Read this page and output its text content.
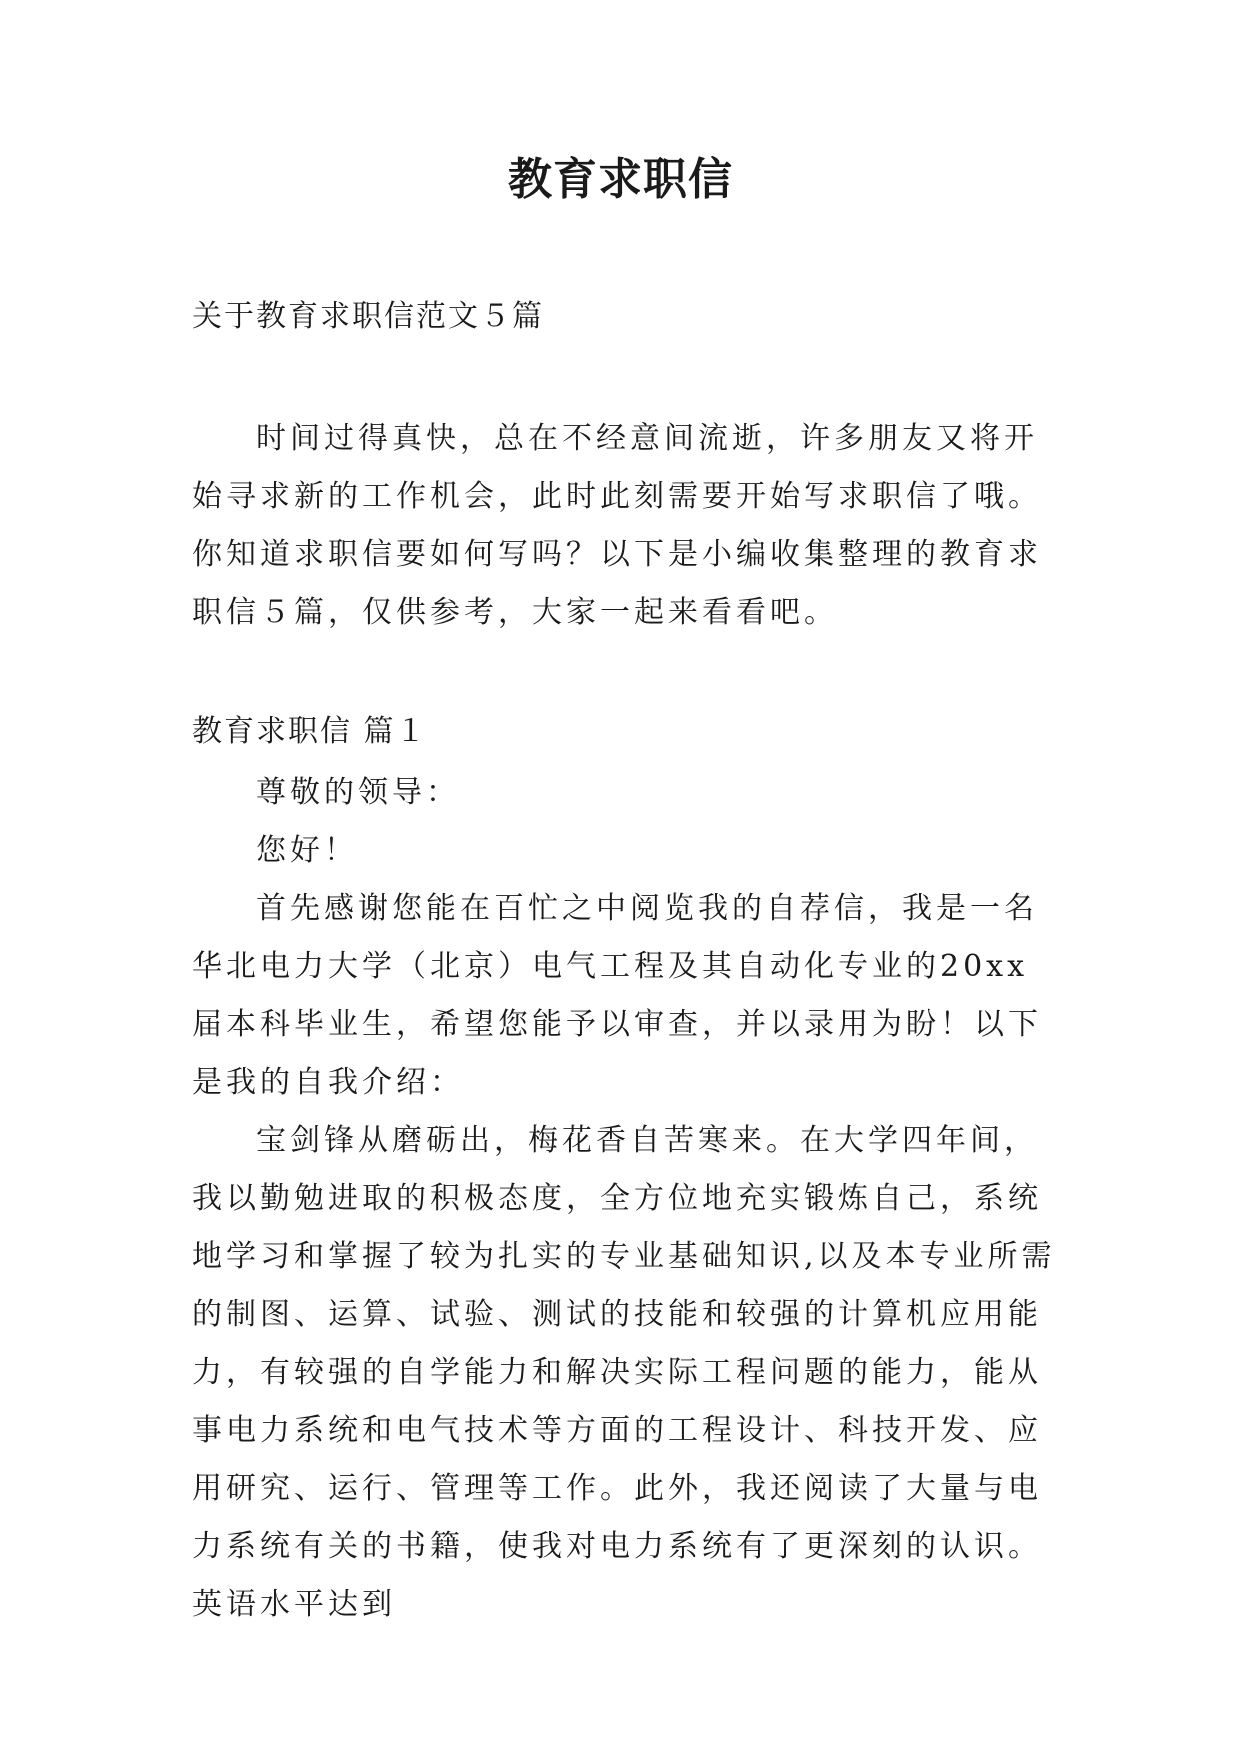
教育求职信
关于教育求职信范文５篇

时间过得真快，总在不经意间流逝，许多朋友又将开始寻求新的工作机会，此时此刻需要开始写求职信了哦。你知道求职信要如何写吗？以下是小编收集整理的教育求职信５篇，仅供参考，大家一起来看看吧。

教育求职信 篇１

尊敬的领导：

您好！

首先感谢您能在百忙之中阅览我的自荐信，我是一名华北电力大学（北京）电气工程及其自动化专业的20xx届本科毕业生，希望您能予以审查，并以录用为盼！以下是我的自我介绍：

宝剑锋从磨砺出，梅花香自苦寒来。在大学四年间，我以勤勉进取的积极态度，全方位地充实锻炼自己，系统地学习和掌握了较为扎实的专业基础知识,以及本专业所需的制图、运算、试验、测试的技能和较强的计算机应用能力，有较强的自学能力和解决实际工程问题的能力，能从事电力系统和电气技术等方面的工程设计、科技开发、应用研究、运行、管理等工作。此外，我还阅读了大量与电力系统有关的书籍，使我对电力系统有了更深刻的认识。 英语水平达到
